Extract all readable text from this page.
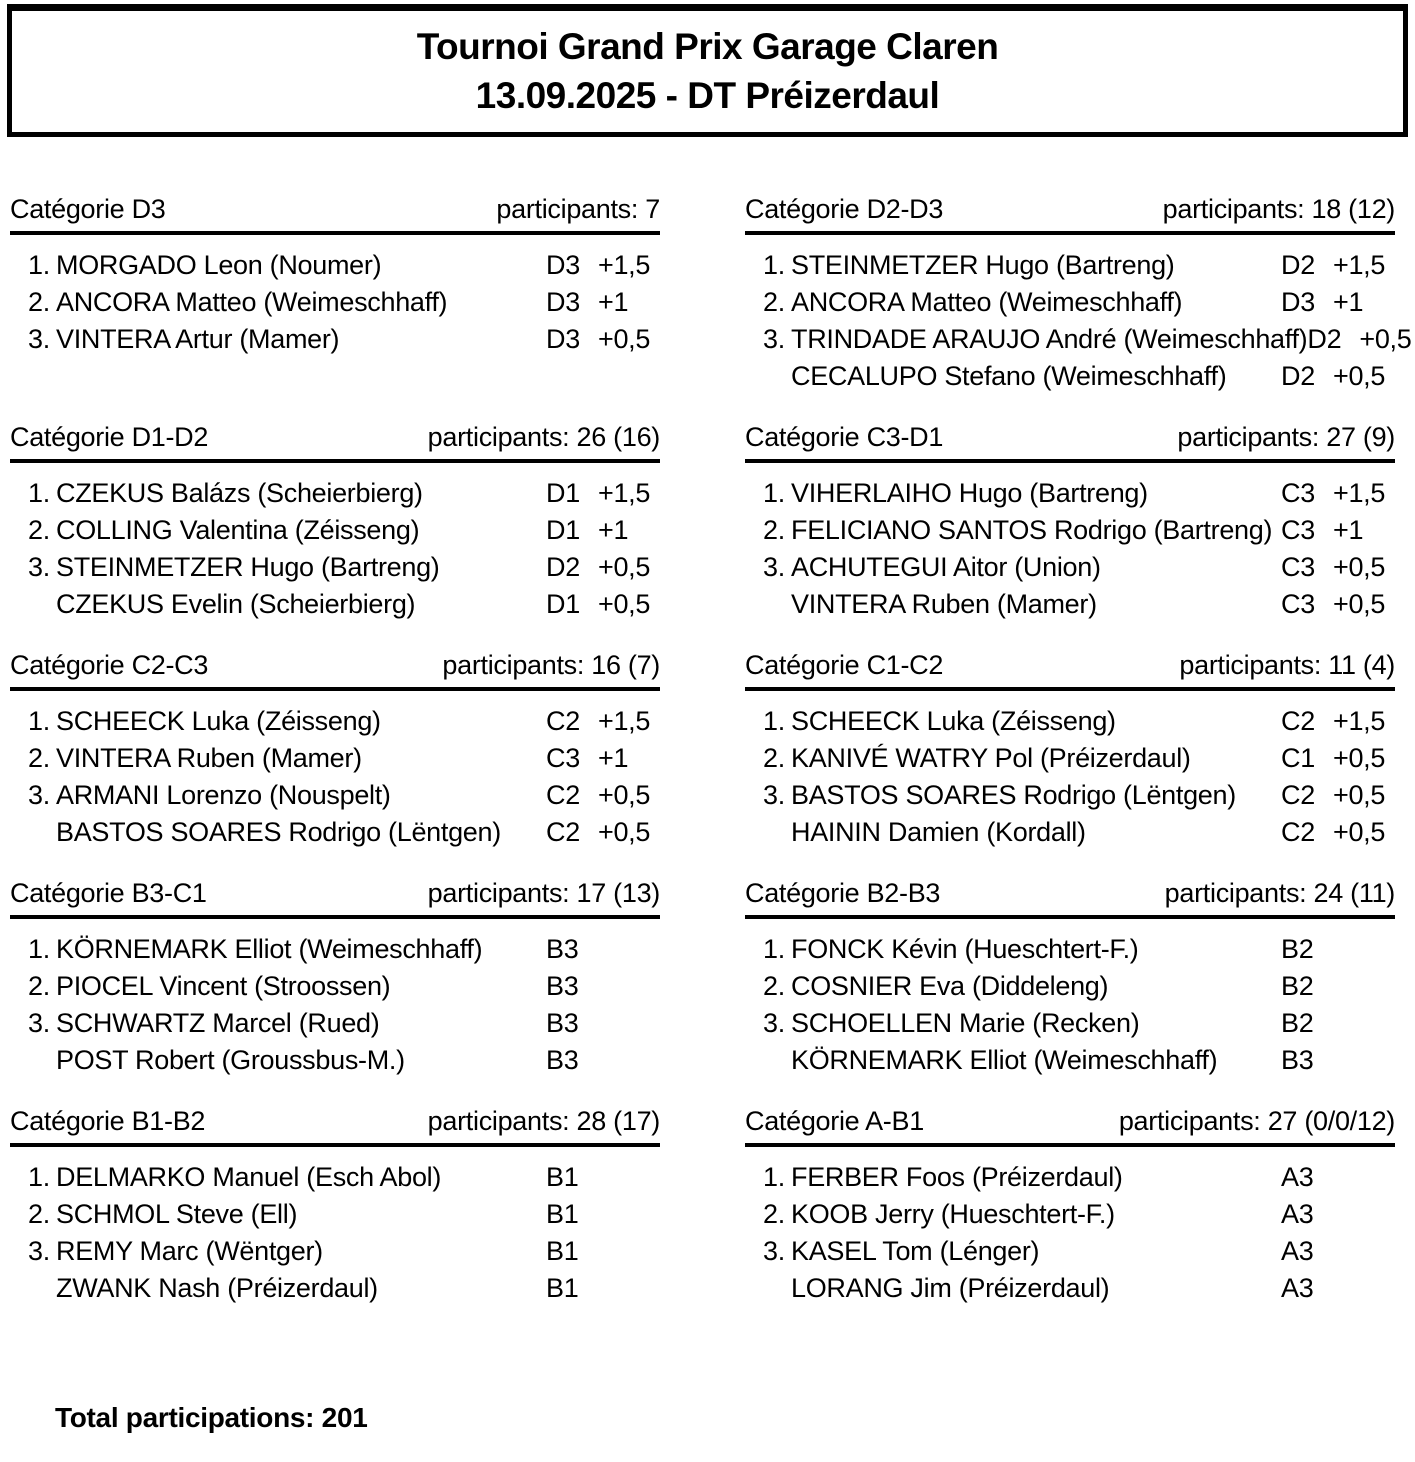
Tournoi Grand Prix Garage Claren
13.09.2025 - DT Préizerdaul
Catégorie D3	participants: 7
1. MORGADO Leon (Noumer)	D3 +1,5
2. ANCORA Matteo (Weimeschhaff)	D3 +1
3. VINTERA Artur (Mamer)	D3 +0,5
Catégorie D1-D2	participants: 26 (16)
1. CZEKUS Balázs (Scheierbierg)	D1 +1,5
2. COLLING Valentina (Zéisseng)	D1 +1
3. STEINMETZER Hugo (Bartreng)	D2 +0,5
CZEKUS Evelin (Scheierbierg)	D1 +0,5
Catégorie C2-C3	participants: 16 (7)
1. SCHEECK Luka (Zéisseng)	C2 +1,5
2. VINTERA Ruben (Mamer)	C3 +1
3. ARMANI Lorenzo (Nouspelt)	C2 +0,5
BASTOS SOARES Rodrigo (Lëntgen)	C2 +0,5
Catégorie B3-C1	participants: 17 (13)
1. KÖRNEMARK Elliot (Weimeschhaff)	B3
2. PIOCEL Vincent (Stroossen)	B3
3. SCHWARTZ Marcel (Rued)	B3
POST Robert (Groussbus-M.)	B3
Catégorie B1-B2	participants: 28 (17)
1. DELMARKO Manuel (Esch Abol)	B1
2. SCHMOL Steve (Ell)	B1
3. REMY Marc (Wëntger)	B1
ZWANK Nash (Préizerdaul)	B1
Catégorie D2-D3	participants: 18 (12)
1. STEINMETZER Hugo (Bartreng)	D2 +1,5
2. ANCORA Matteo (Weimeschhaff)	D3 +1
3. TRINDADE ARAUJO André (Weimeschhaff) D2 +0,5
CECALUPO Stefano (Weimeschhaff)	D2 +0,5
Catégorie C3-D1	participants: 27 (9)
1. VIHERLAIHO Hugo (Bartreng)	C3 +1,5
2. FELICIANO SANTOS Rodrigo (Bartreng) C3 +1
3. ACHUTEGUI Aitor (Union)	C3 +0,5
VINTERA Ruben (Mamer)	C3 +0,5
Catégorie C1-C2	participants: 11 (4)
1. SCHEECK Luka (Zéisseng)	C2 +1,5
2. KANIVÉ WATRY Pol (Préizerdaul)	C1 +0,5
3. BASTOS SOARES Rodrigo (Lëntgen)	C2 +0,5
HAININ Damien (Kordall)	C2 +0,5
Catégorie B2-B3	participants: 24 (11)
1. FONCK Kévin (Hueschtert-F.)	B2
2. COSNIER Eva (Diddeleng)	B2
3. SCHOELLEN Marie (Recken)	B2
KÖRNEMARK Elliot (Weimeschhaff)	B3
Catégorie A-B1	participants: 27 (0/0/12)
1. FERBER Foos (Préizerdaul)	A3
2. KOOB Jerry (Hueschtert-F.)	A3
3. KASEL Tom (Lénger)	A3
LORANG Jim (Préizerdaul)	A3
Total participations: 201
